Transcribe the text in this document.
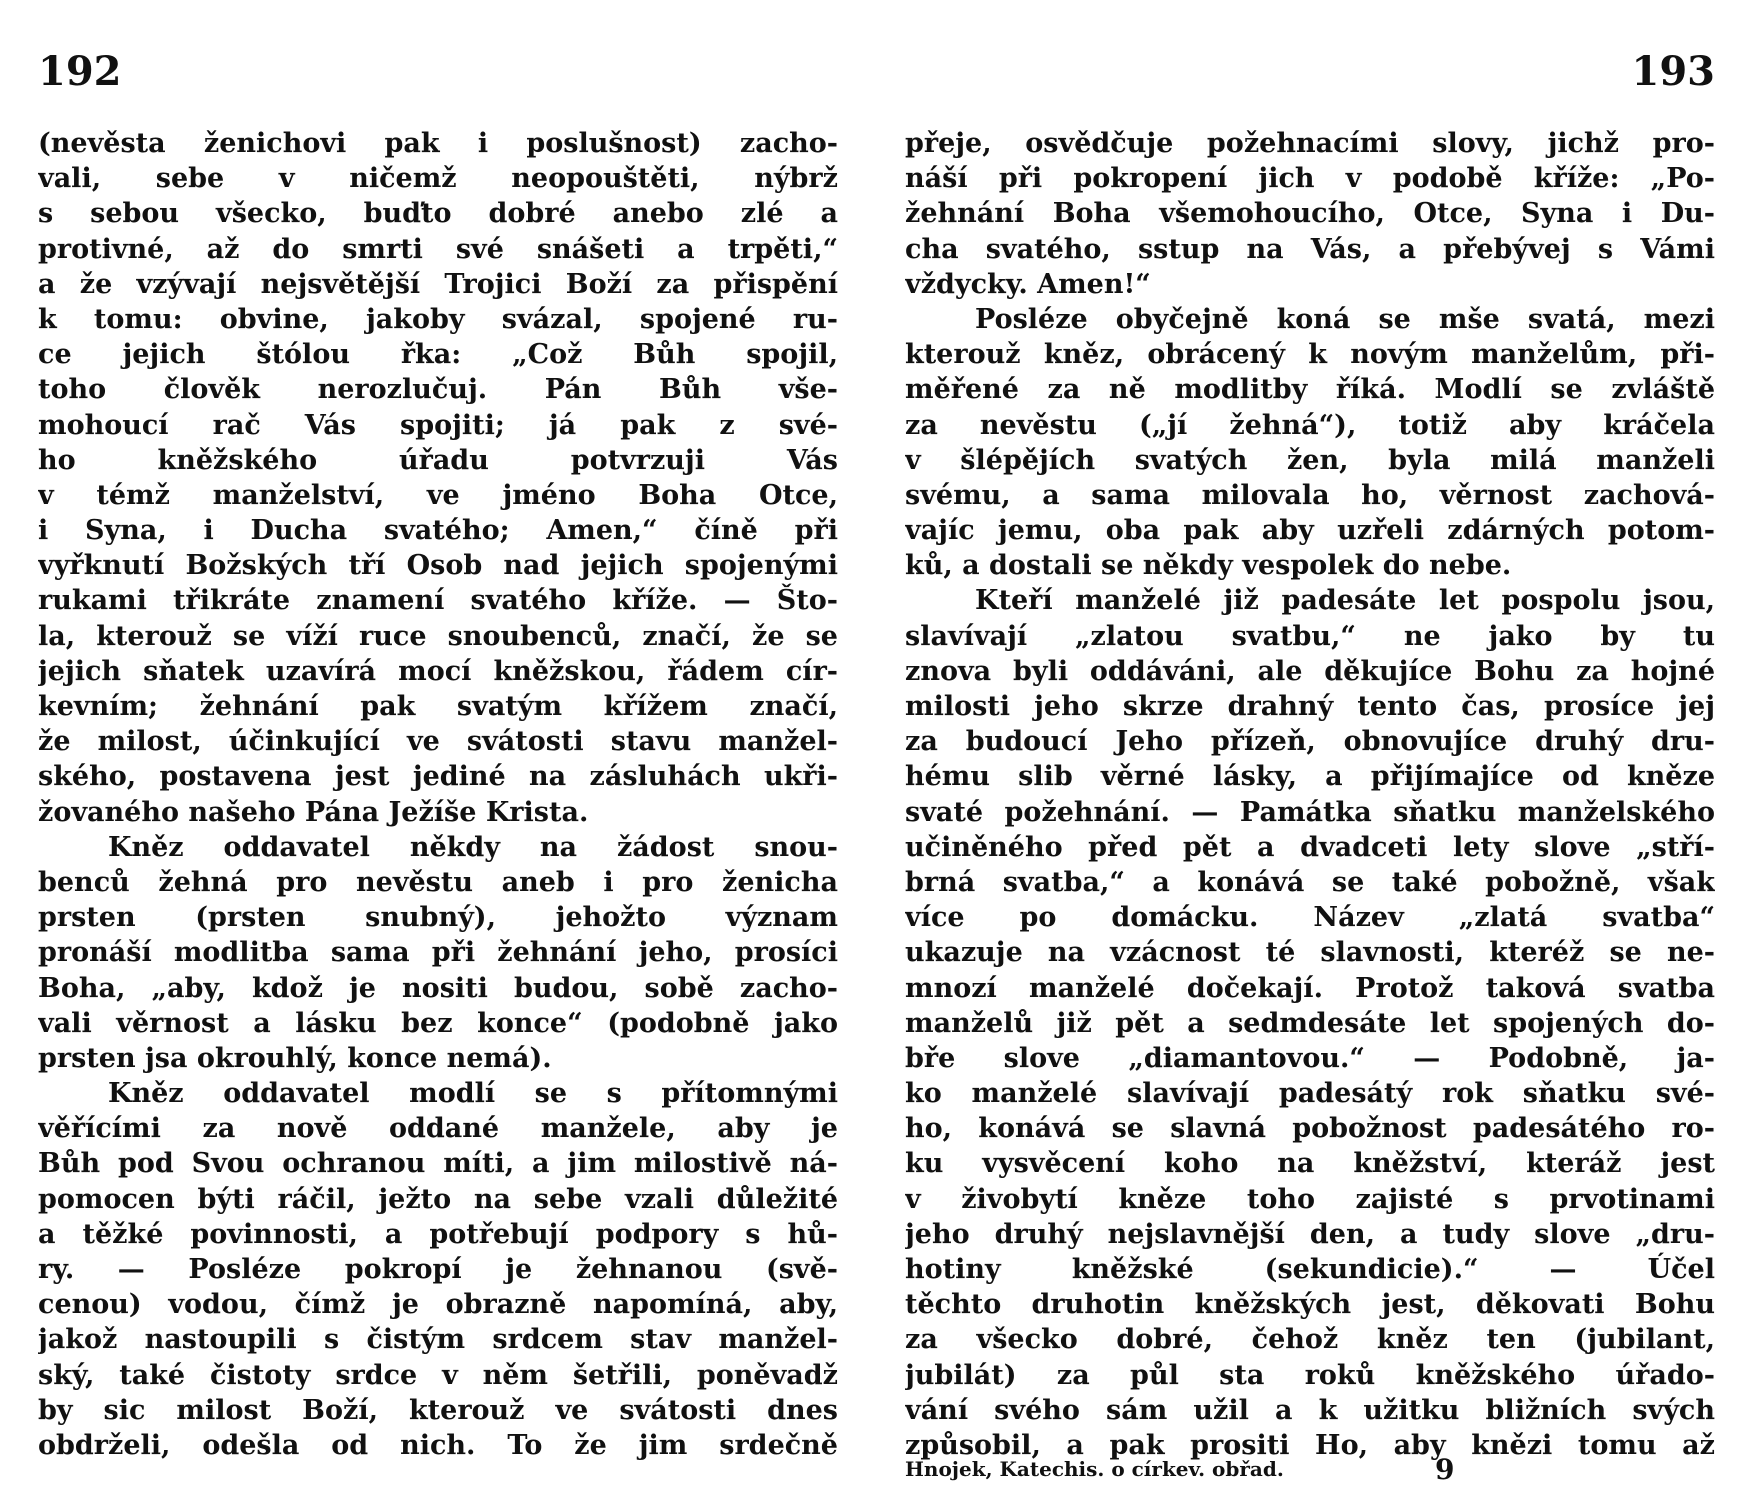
192
(nevěsta ženichovi pak i poslušnost) zacho-
vali, sebe v ničemž neopouštěti, nýbrž
s sebou všecko, buďto dobré anebo zlé a
protivné, až do smrti své snášeti a trpěti,“
a že vzývají nejsvětější Trojici Boží za přispění
k tomu: obvine, jakoby svázal, spojené ru-
ce jejich štólou řka: „Což Bůh spojil,
toho člověk nerozlučuj. Pán Bůh vše-
mohoucí rač Vás spojiti; já pak z své-
ho kněžského úřadu potvrzuji Vás
v témž manželství, ve jméno Boha Otce,
i Syna, i Ducha svatého; Amen,“ číně při
vyřknutí Božských tří Osob nad jejich spojenými
rukami třikráte znamení svatého kříže. — Što-
la, kterouž se víží ruce snoubenců, značí, že se
jejich sňatek uzavírá mocí kněžskou, řádem cír-
kevním; žehnání pak svatým křížem značí,
že milost, účinkující ve svátosti stavu manžel-
ského, postavena jest jediné na zásluhách ukři-
žovaného našeho Pána Ježíše Krista.
Kněz oddavatel někdy na žádost snou-
benců žehná pro nevěstu aneb i pro ženicha
prsten (prsten snubný), jehožto význam
pronáší modlitba sama při žehnání jeho, prosíci
Boha, „aby, kdož je nositi budou, sobě zacho-
vali věrnost a lásku bez konce“ (podobně jako
prsten jsa okrouhlý, konce nemá).
Kněz oddavatel modlí se s přítomnými
věřícími za nově oddané manžele, aby je
Bůh pod Svou ochranou míti, a jim milostivě ná-
pomocen býti ráčil, ježto na sebe vzali důležité
a těžké povinnosti, a potřebují podpory s hů-
ry. — Posléze pokropí je žehnanou (svě-
cenou) vodou, čímž je obrazně napomíná, aby,
jakož nastoupili s čistým srdcem stav manžel-
ský, také čistoty srdce v něm šetřili, poněvadž
by sic milost Boží, kterouž ve svátosti dnes
obdrželi, odešla od nich. To že jim srdečně
193
přeje, osvědčuje požehnacími slovy, jichž pro-
náší při pokropení jich v podobě kříže: „Po-
žehnání Boha všemohoucího, Otce, Syna i Du-
cha svatého, sstup na Vás, a přebývej s Vámi
vždycky. Amen!“
Posléze obyčejně koná se mše svatá, mezi
kterouž kněz, obrácený k novým manželům, při-
měřené za ně modlitby říká. Modlí se zvláště
za nevěstu („jí žehná“), totiž aby kráčela
v šlépějích svatých žen, byla milá manželi
svému, a sama milovala ho, věrnost zachová-
vajíc jemu, oba pak aby uzřeli zdárných potom-
ků, a dostali se někdy vespolek do nebe.
Kteří manželé již padesáte let pospolu jsou,
slavívají „zlatou svatbu,“ ne jako by tu
znova byli oddáváni, ale děkujíce Bohu za hojné
milosti jeho skrze drahný tento čas, prosíce jej
za budoucí Jeho přízeň, obnovujíce druhý dru-
hému slib věrné lásky, a přijímajíce od kněze
svaté požehnání. — Památka sňatku manželského
učiněného před pět a dvadceti lety slove „stří-
brná svatba,“ a konává se také pobožně, však
více po domácku. Název „zlatá svatba“
ukazuje na vzácnost té slavnosti, kteréž se ne-
mnozí manželé dočekají. Protož taková svatba
manželů již pět a sedmdesáte let spojených do-
bře slove „diamantovou.“ — Podobně, ja-
ko manželé slavívají padesátý rok sňatku své-
ho, konává se slavná pobožnost padesátého ro-
ku vysvěcení koho na kněžství, kteráž jest
v živobytí kněze toho zajisté s prvotinami
jeho druhý nejslavnější den, a tudy slove „dru-
hotiny kněžské (sekundicie).“ — Účel
těchto druhotin kněžských jest, děkovati Bohu
za všecko dobré, čehož kněz ten (jubilant,
jubilát) za půl sta roků kněžského úřado-
vání svého sám užil a k užitku bližních svých
způsobil, a pak prositi Ho, aby knězi tomu až
Hnojek, Katechis. o církev. obřad.	9
